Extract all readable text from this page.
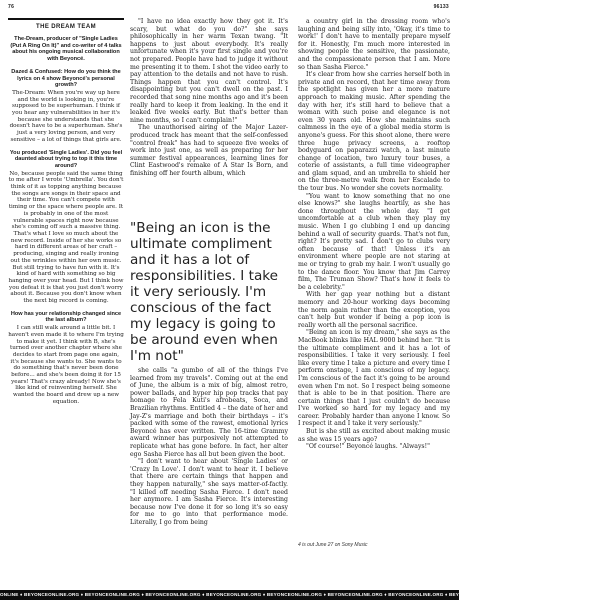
76	96133
THE DREAM TEAM
The-Dream, producer of "Single Ladies (Put A Ring On It)" and co-writer of 4 talks about his ongoing musical collaboration with Beyoncé.
Dazed & Confused: How do you think the lyrics on 4 show Beyoncé's personal growth?

The-Dream: When you're way up here and the world is looking in, you're supposed to be superhuman. I think if you hear any vulnerabilities in her it's because she understands that she doesn't have to be a superhuman. She's just a very loving person, and very sensitive – a lot of things that girls are.

You produced 'Single Ladies'. Did you feel daunted about trying to top it this time around?

No, because people said the same thing to me after I wrote 'Umbrella'. You don't think of it as topping anything because the songs are songs in their space and their time. You can't compete with timing or the space where people are. It is probably in one of the most vulnerable spaces right now because she's coming off such a massive thing. That's what I love so much about the new record. Inside of her she works so hard in different areas of her craft – producing, singing and really ironing out the wrinkles within her own music. But still trying to have fun with it. It's kind of hard with something so big hanging over your head. But I think how you defeat it is that you just don't worry about it. Because you don't know when the next big record is coming.

How has your relationship changed since the last album?

I can still walk around a little bit. I haven't even made it to where I'm trying to make it yet. I think with B, she's turned over another chapter where she decides to start from page one again, it's because she wants to. She wants to do something that's never been done before... and she's been doing it for 15 years! That's crazy already! Now she's like kind of reinventing herself. She wanted the board and drew up a new equation.

"I have no idea exactly how they got it. It's scary, but what do you do?" she says philosophically in her warm Texan twang. "It happens to just about everybody. It's really unfortunate when it's your first single and you're not prepared. People have had to judge it without me presenting it to them. I shot the video early to pay attention to the details and not have to rush. Things happen that you can't control. It's disappointing but you can't dwell on the past. I recorded that song nine months ago and it's been really hard to keep it from leaking. In the end it leaked five weeks early. But that's better than nine months, so I can't complain!"

The unauthorised airing of the Major Lazer-produced track has meant that the self-confessed "control freak" has had to squeeze five weeks of work into just one, as well as preparing for her summer festival appearances, learning lines for Clint Eastwood's remake of A Star Is Born, and finishing off her fourth album, which

"Being an icon is the ultimate compliment and it has a lot of responsibilities. I take it very seriously. I'm conscious of the fact my legacy is going to be around even when I'm not"

she calls "a gumbo of all of the things I've learned from my travels". Coming out at the end of June, the album is a mix of big, almost retro, power ballads, and hyper hip pop tracks that pay homage to Fela Kuti's afrobeats, Soca, and Brazilian rhythms. Entitled 4 – the date of her and Jay-Z's marriage and both their birthdays – it's packed with some of the rawest, emotional lyrics Beyoncé has ever written. The 16-time Grammy award winner has purposively not attempted to replicate what has gone before. In fact, her alter ego Sasha Fierce has all but been given the boot.

"I don't want to hear about 'Single Ladies' or 'Crazy In Love'. I don't want to hear it. I believe that there are certain things that happen and they happen naturally," she says matter-of-factly. "I killed off needing Sasha Fierce. I don't need her anymore. I am Sasha Fierce. It's interesting because now I've done it for so long it's so easy for me to go into that performance mode. Literally, I go from being

a country girl in the dressing room who's laughing and being silly into, 'Okay, it's time to work!' I don't have to mentally prepare myself for it. Honestly, I'm much more interested in showing people the sensitive, the passionate, and the compassionate person that I am. More so than Sasha Fierce."

It's clear from how she carries herself both in private and on record, that her time away from the spotlight has given her a more mature approach to making music. After spending the day with her, it's still hard to believe that a woman with such poise and elegance is not even 30 years old. How she maintains such calmness in the eye of a global media storm is anyone's guess. For this shoot alone, there were three huge privacy screens, a rooftop bodyguard on paparazzi watch, a last minute change of location, two luxury tour buses, a coterie of assistants, a full time videographer and glam squad, and an umbrella to shield her on the three-metre walk from her Escalade to the tour bus. No wonder she covets normality.

"You want to know something that no one else knows?" she laughs heartily, as she has done throughout the whole day. "I get uncomfortable at a club when they play my music. When I go clubbing I end up dancing behind a wall of security guards. That's not fun, right? It's pretty sad. I don't go to clubs very often because of that! Unless it's an environment where people are not staring at me or trying to grab my hair. I won't usually go to the dance floor. You know that Jim Carrey film, The Truman Show? That's how it feels to be a celebrity."

With her gap year nothing but a distant memory and 20-hour working days becoming the norm again rather than the exception, you can't help but wonder if being a pop icon is really worth all the personal sacrifice.

"Being an icon is my dream," she says as the MacBook blinks like HAL 9000 behind her. "It is the ultimate compliment and it has a lot of responsibilities. I take it very seriously. I feel like every time I take a picture and every time I perform onstage, I am conscious of my legacy. I'm conscious of the fact it's going to be around even when I'm not. So I respect being someone that is able to be in that position. There are certain things that I just couldn't do because I've worked so hard for my legacy and my career. Probably harder than anyone I know. So I respect it and I take it very seriously."

But is she still as excited about making music as she was 15 years ago?

"Of course!" Beyoncé laughs. "Always!"

4 is out June 27 on Sony Music
ONLINE ♦ BEYONCEONLINE.ORG ♦ BEYONCEONLINE.ORG ♦ BEYONCEONLINE.ORG ♦ BEYONCEONLINE.ORG ♦ BEYONCEONLINE.ORG ♦ BEYONCEONLINE.ORG ♦ BEYONCEONLINE.ORG ♦ BEYONCEONLINE.ORG ♦ BEYONCEONLINE.ORG ♦ BEYONCE
